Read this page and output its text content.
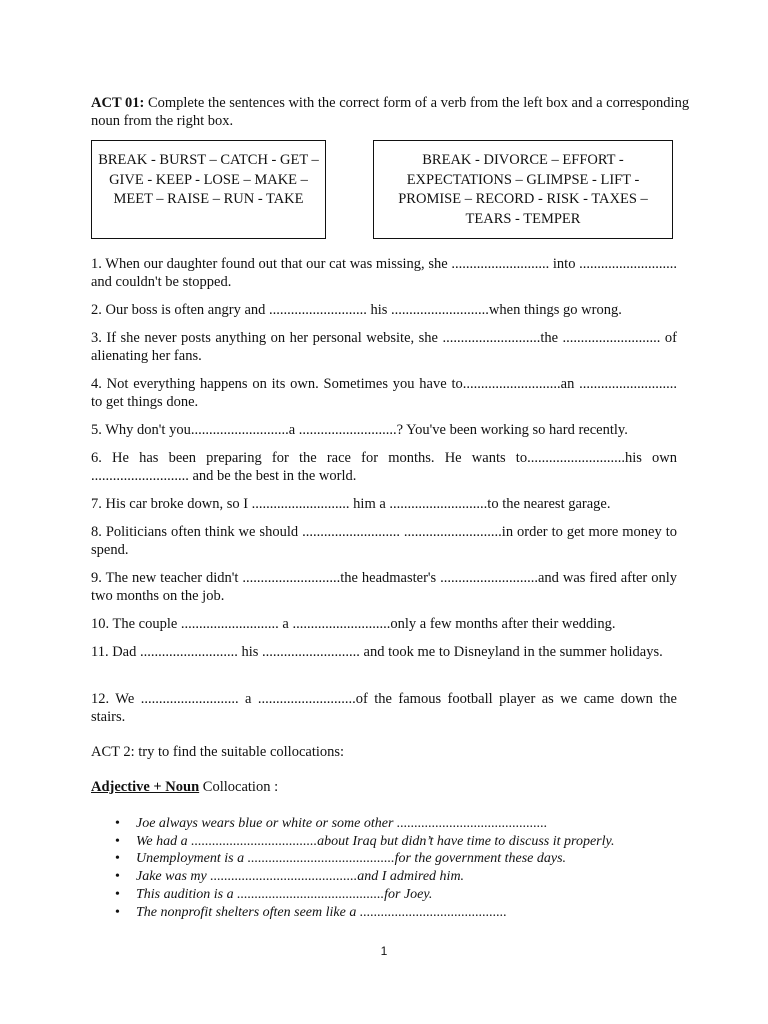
ACT 01: Complete the sentences with the correct form of a verb from the left box and a corresponding noun from the right box.
BREAK - BURST – CATCH - GET – GIVE - KEEP - LOSE – MAKE – MEET – RAISE – RUN - TAKE
BREAK - DIVORCE – EFFORT - EXPECTATIONS – GLIMPSE - LIFT - PROMISE – RECORD - RISK - TAXES – TEARS - TEMPER
1. When our daughter found out that our cat was missing, she ........................... into ........................... and couldn't be stopped.
2. Our boss is often angry and ........................... his ...........................when things go wrong.
3. If she never posts anything on her personal website, she ...........................the ........................... of alienating her fans.
4. Not everything happens on its own. Sometimes you have to...........................an ........................... to get things done.
5. Why don't you...........................a ...........................? You've been working so hard recently.
6. He has been preparing for the race for months. He wants to...........................his own ........................... and be the best in the world.
7. His car broke down, so I ........................... him a ...........................to the nearest garage.
8. Politicians often think we should ........................... ...........................in order to get more money to spend.
9. The new teacher didn't ...........................the headmaster's ...........................and was fired after only two months on the job.
10. The couple ........................... a ...........................only a few months after their wedding.
11. Dad ........................... his ........................... and took me to Disneyland in the summer holidays.
12. We ........................... a ...........................of the famous football player as we came down the stairs.
ACT 2: try to find the suitable collocations:
Adjective + Noun Collocation :
• Joe always wears blue or white or some other ...........................................
• We had a ....................................about Iraq but didn’t have time to discuss it properly.
• Unemployment is a ..........................................for the government these days.
• Jake was my ..........................................and I admired him.
• This audition is a ..........................................for Joey.
• The nonprofit shelters often seem like a ..........................................
1
